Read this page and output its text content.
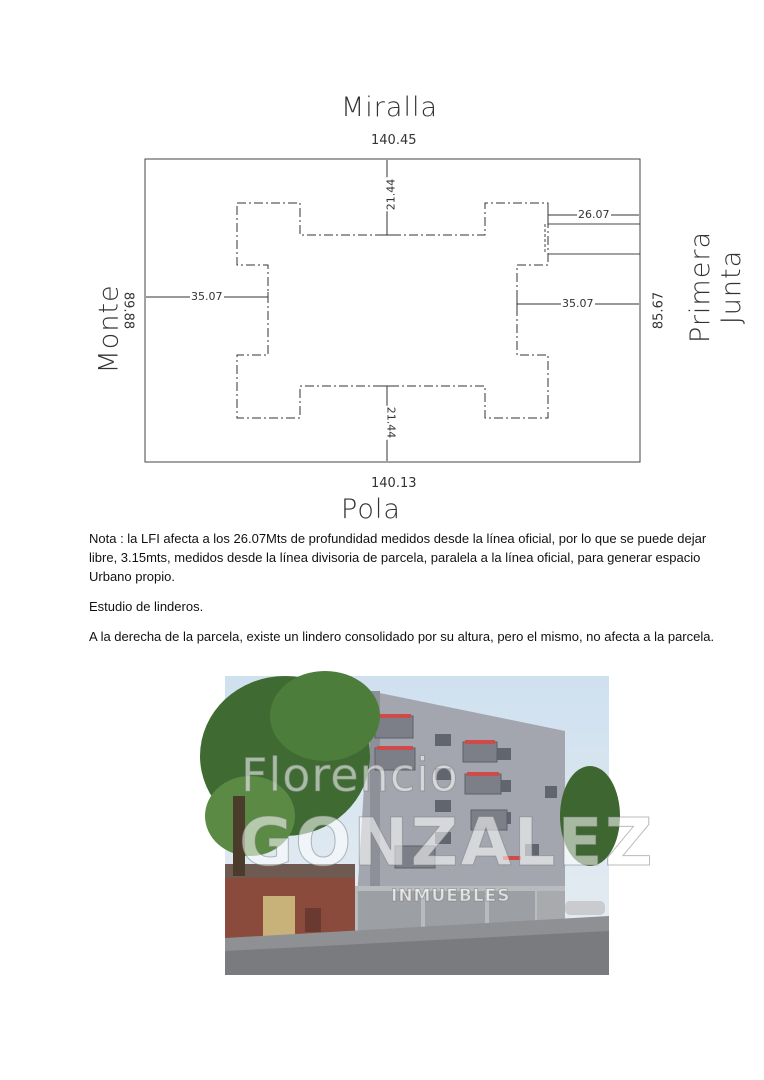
Miralla
Pola
Monte	Primera Junta
140.45
140.13
89.88	85.67
21.44
21.44
35.07
35.07
26.07

Nota : la LFI afecta a los 26.07Mts de profundidad medidos desde la línea oficial, por lo que se puede dejar libre, 3.15mts, medidos desde la línea divisoria de parcela, paralela a la línea oficial, para generar espacio Urbano propio.

Estudio de linderos.

A la derecha de la parcela, existe un lindero consolidado por su altura, pero el mismo, no afecta a la parcela.

Florencio
GONZALEZ
INMUEBLES
